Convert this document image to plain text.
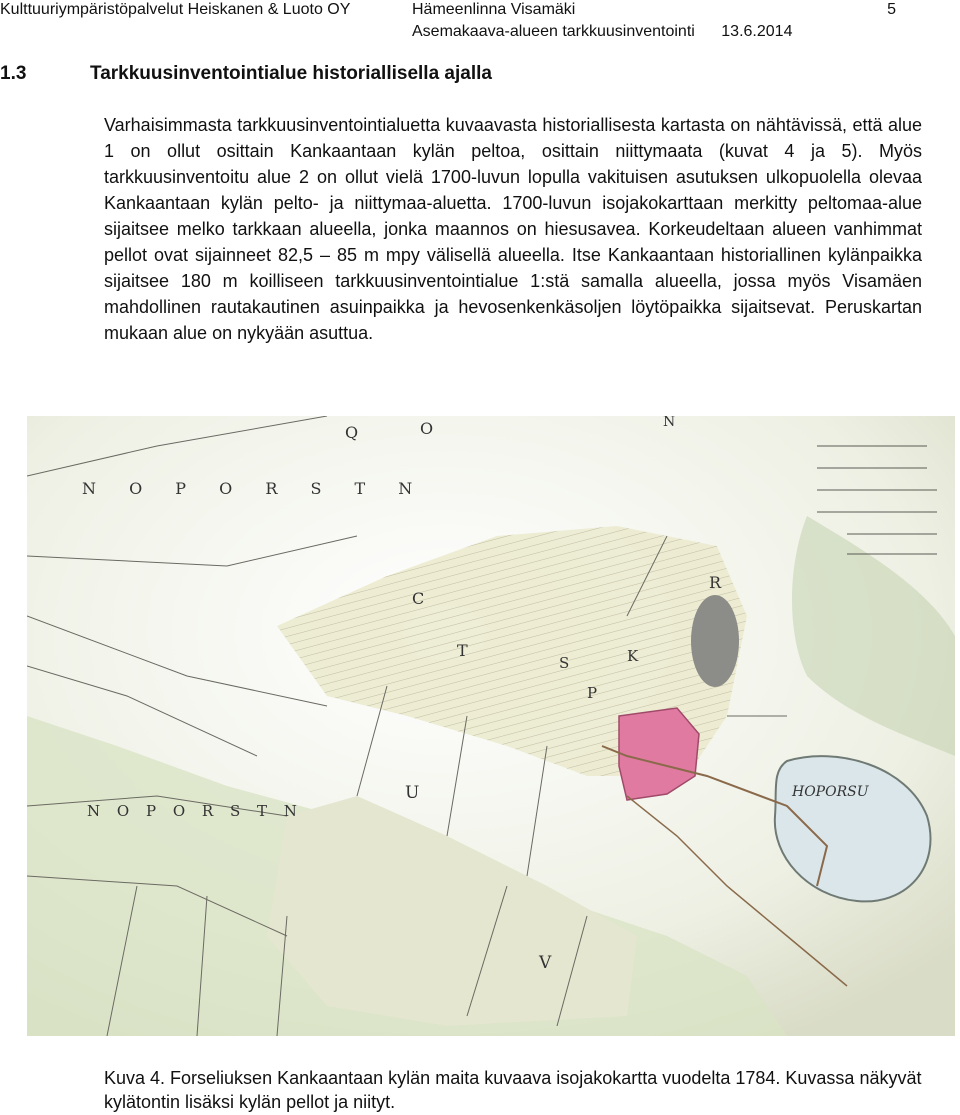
Kulttuuriympäristöpalvelut Heiskanen & Luoto OY	Hämeenlinna Visamäki
Asemakaava-alueen tarkkuusinventointi 13.6.2014
5
1.3	Tarkkuusinventointialue historiallisella ajalla

Varhaisimmasta tarkkuusinventointialuetta kuvaavasta historiallisesta kartasta on nähtävissä, että alue 1 on ollut osittain Kankaantaan kylän peltoa, osittain niittymaata (kuvat 4 ja 5). Myös tarkkuusinventoitu alue 2 on ollut vielä 1700-luvun lopulla vakituisen asutuksen ulkopuolella olevaa Kankaantaan kylän pelto- ja niittymaa-aluetta. 1700-luvun isojakokarttaan merkitty peltomaa-alue sijaitsee melko tarkkaan alueella, jonka maannos on hiesusavea. Korkeudeltaan alueen vanhimmat pellot ovat sijainneet 82,5 – 85 m mpy välisellä alueella. Itse Kankaantaan historiallinen kylänpaikka sijaitsee 180 m koilliseen tarkkuusinventointialue 1:stä samalla alueella, jossa myös Visamäen mahdollinen rautakautinen asuinpaikka ja hevosenkenkäsoljen löytöpaikka sijaitsevat. Peruskartan mukaan alue on nykyään asuttua.

N O P O R S T N
N O P O R S T N
HOPORSU
Q	O
R
C
T
P
S
U
V
N
K

Kuva 4. Forseliuksen Kankaantaan kylän maita kuvaava isojakokartta vuodelta 1784. Kuvassa näkyvät kylätontin lisäksi kylän pellot ja niityt.
